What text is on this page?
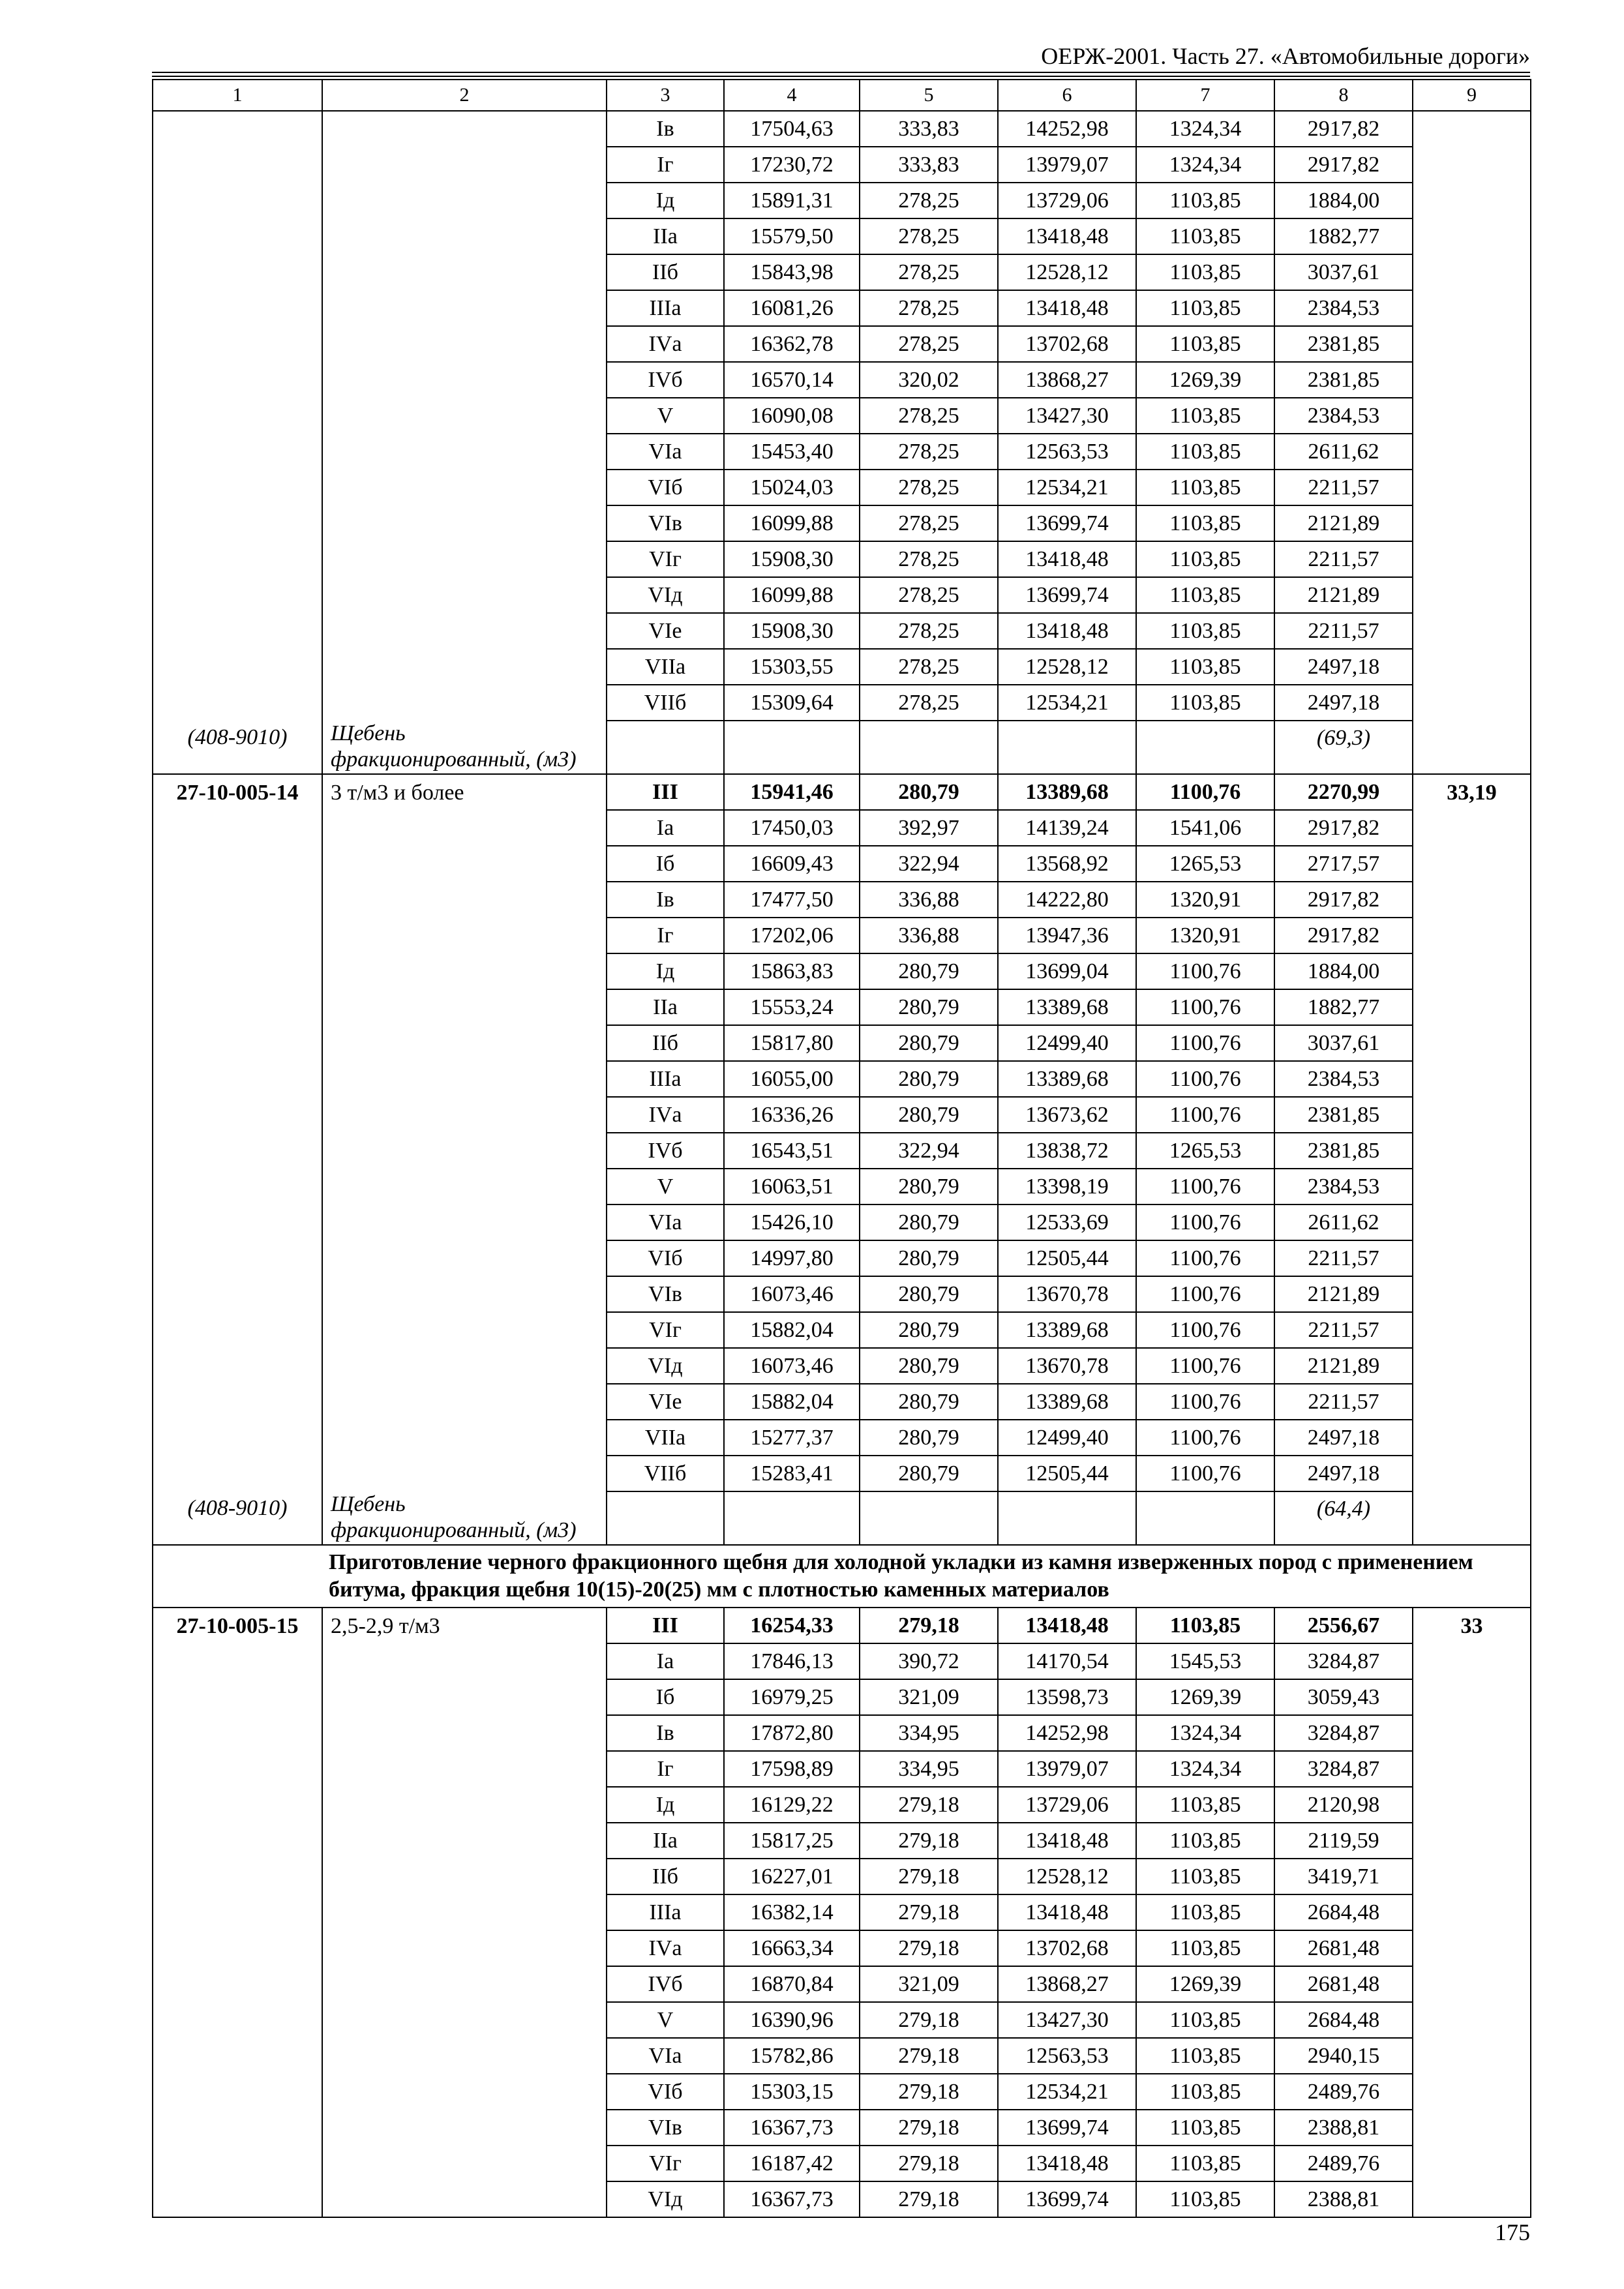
ОЕРЖ-2001. Часть 27. «Автомобильные дороги»
1	2	3	4	5	6	7	8	9
		Iв	17504,63	333,83	14252,98	1324,34	2917,82	
		Iг	17230,72	333,83	13979,07	1324,34	2917,82	
		Iд	15891,31	278,25	13729,06	1103,85	1884,00	
		IIа	15579,50	278,25	13418,48	1103,85	1882,77	
		IIб	15843,98	278,25	12528,12	1103,85	3037,61	
		IIIа	16081,26	278,25	13418,48	1103,85	2384,53	
		IVа	16362,78	278,25	13702,68	1103,85	2381,85	
		IVб	16570,14	320,02	13868,27	1269,39	2381,85	
		V	16090,08	278,25	13427,30	1103,85	2384,53	
		VIа	15453,40	278,25	12563,53	1103,85	2611,62	
		VIб	15024,03	278,25	12534,21	1103,85	2211,57	
		VIв	16099,88	278,25	13699,74	1103,85	2121,89	
		VIг	15908,30	278,25	13418,48	1103,85	2211,57	
		VIд	16099,88	278,25	13699,74	1103,85	2121,89	
		VIе	15908,30	278,25	13418,48	1103,85	2211,57	
		VIIа	15303,55	278,25	12528,12	1103,85	2497,18	
		VIIб	15309,64	278,25	12534,21	1103,85	2497,18	
(408-9010)	Щебень фракционированный, (м3)						(69,3)	
27-10-005-14	3 т/м3 и более	III	15941,46	280,79	13389,68	1100,76	2270,99	33,19
		Iа	17450,03	392,97	14139,24	1541,06	2917,82	
		Iб	16609,43	322,94	13568,92	1265,53	2717,57	
		Iв	17477,50	336,88	14222,80	1320,91	2917,82	
		Iг	17202,06	336,88	13947,36	1320,91	2917,82	
		Iд	15863,83	280,79	13699,04	1100,76	1884,00	
		IIа	15553,24	280,79	13389,68	1100,76	1882,77	
		IIб	15817,80	280,79	12499,40	1100,76	3037,61	
		IIIа	16055,00	280,79	13389,68	1100,76	2384,53	
		IVа	16336,26	280,79	13673,62	1100,76	2381,85	
		IVб	16543,51	322,94	13838,72	1265,53	2381,85	
		V	16063,51	280,79	13398,19	1100,76	2384,53	
		VIа	15426,10	280,79	12533,69	1100,76	2611,62	
		VIб	14997,80	280,79	12505,44	1100,76	2211,57	
		VIв	16073,46	280,79	13670,78	1100,76	2121,89	
		VIг	15882,04	280,79	13389,68	1100,76	2211,57	
		VIд	16073,46	280,79	13670,78	1100,76	2121,89	
		VIе	15882,04	280,79	13389,68	1100,76	2211,57	
		VIIа	15277,37	280,79	12499,40	1100,76	2497,18	
		VIIб	15283,41	280,79	12505,44	1100,76	2497,18	
(408-9010)	Щебень фракционированный, (м3)						(64,4)	
	Приготовление черного фракционного щебня для холодной укладки из камня изверженных пород с применением битума, фракция щебня 10(15)-20(25) мм с плотностью каменных материалов							
27-10-005-15	2,5-2,9 т/м3	III	16254,33	279,18	13418,48	1103,85	2556,67	33
		Iа	17846,13	390,72	14170,54	1545,53	3284,87	
		Iб	16979,25	321,09	13598,73	1269,39	3059,43	
		Iв	17872,80	334,95	14252,98	1324,34	3284,87	
		Iг	17598,89	334,95	13979,07	1324,34	3284,87	
		Iд	16129,22	279,18	13729,06	1103,85	2120,98	
		IIа	15817,25	279,18	13418,48	1103,85	2119,59	
		IIб	16227,01	279,18	12528,12	1103,85	3419,71	
		IIIа	16382,14	279,18	13418,48	1103,85	2684,48	
		IVа	16663,34	279,18	13702,68	1103,85	2681,48	
		IVб	16870,84	321,09	13868,27	1269,39	2681,48	
		V	16390,96	279,18	13427,30	1103,85	2684,48	
		VIа	15782,86	279,18	12563,53	1103,85	2940,15	
		VIб	15303,15	279,18	12534,21	1103,85	2489,76	
		VIв	16367,73	279,18	13699,74	1103,85	2388,81	
		VIг	16187,42	279,18	13418,48	1103,85	2489,76	
		VIд	16367,73	279,18	13699,74	1103,85	2388,81	
175
